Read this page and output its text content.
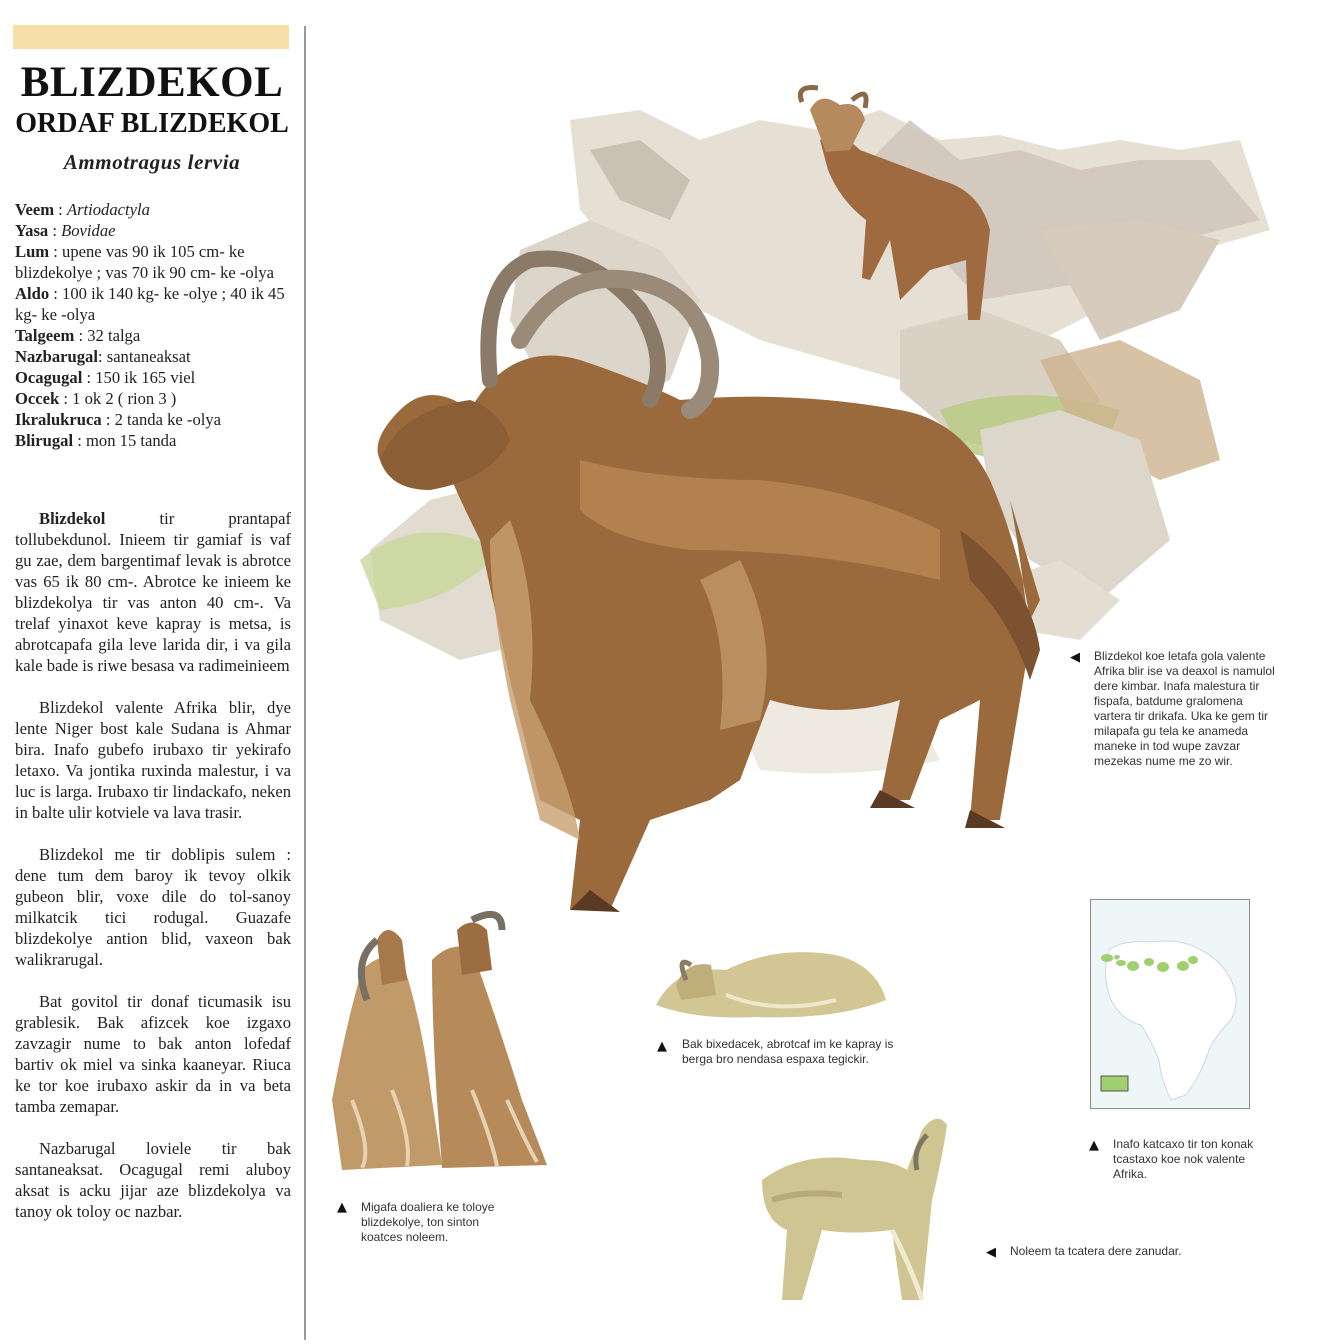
BLIZDEKOL
ORDAF BLIZDEKOL
Ammotragus lervia
Veem : Artiodactyla
Yasa : Bovidae
Lum : upene vas 90 ik 105 cm- ke blizdekolye ; vas 70 ik 90 cm- ke -olya
Aldo : 100 ik 140 kg- ke -olye ; 40 ik 45 kg- ke -olya
Talgeem : 32 talga
Nazbarugal: santaneaksat
Ocagugal : 150 ik 165 viel
Occek : 1 ok 2 ( rion 3 )
Ikralukruca : 2 tanda ke -olya
Blirugal : mon 15 tanda

Blizdekol tir prantapaf tollubekdunol. Inieem tir gamiaf is vaf gu zae, dem bargentimaf levak is abrotce vas 65 ik 80 cm-. Abrotce ke inieem ke blizdekolya tir vas anton 40 cm-. Va trelaf yinaxot keve kapray is metsa, is abrotcapafa gila leve larida dir, i va gila kale bade is riwe besasa va radimeinieem

Blizdekol valente Afrika blir, dye lente Niger bost kale Sudana is Ahmar bira. Inafo gubefo irubaxo tir yekirafo letaxo. Va jontika ruxinda malestur, i va luc is larga. Irubaxo tir lindackafo, neken in balte ulir kotviele va lava trasir.

Blizdekol me tir doblipis sulem : dene tum dem baroy ik tevoy olkik gubeon blir, voxe dile do tol-sanoy milkatcik tici rodugal. Guazafe blizdekolye antion blid, vaxeon bak walikrarugal.

Bat govitol tir donaf ticumasik isu grablesik. Bak afizcek koe izgaxo zavzagir nume to bak anton lofedaf bartiv ok miel va sinka kaaneyar. Riuca ke tor koe irubaxo askir da in va beta tamba zemapar.

Nazbarugal loviele tir bak santaneaksat. Ocagugal remi aluboy aksat is acku jijar aze blizdekolya va tanoy ok toloy oc nazbar.

◀ Blizdekol koe letafa gola valente Afrika blir ise va deaxol is namulol dere kimbar. Inafa malestura tir fispafa, batdume gralomena vartera tir drikafa. Uka ke gem tir milapafa gu tela ke anameda maneke in tod wupe zavzar mezekas nume me zo wir.
▲ Bak bixedacek, abrotcaf im ke kapray is berga bro nendasa espaxa tegickir.
▲ Migafa doaliera ke toloye blizdekolye, ton sinton koatces noleem.
▲ Inafo katcaxo tir ton konak tcastaxo koe nok valente Afrika.
◀ Noleem ta tcatera dere zanudar.
